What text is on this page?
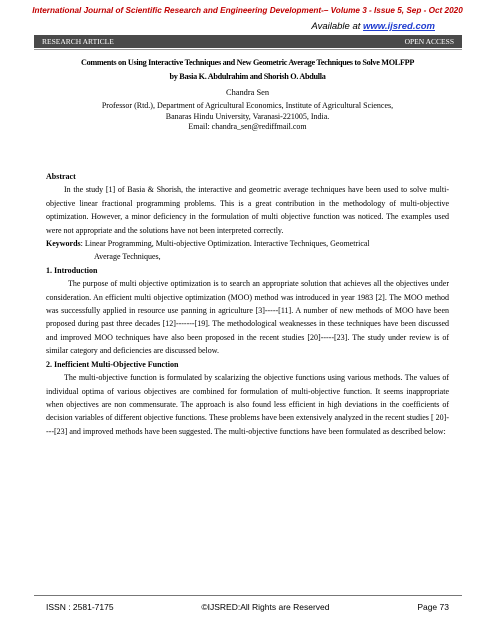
International Journal of Scientific Research and Engineering Development-– Volume 3 - Issue 5, Sep - Oct 2020
Available at www.ijsred.com
RESEARCH ARTICLE	OPEN ACCESS
Comments on Using Interactive Techniques and New Geometric Average Techniques to Solve MOLFPP
by Basia K. Abdulrahim and Shorish O. Abdulla
Chandra Sen
Professor (Rtd.), Department of Agricultural Economics, Institute of Agricultural Sciences,
Banaras Hindu University, Varanasi-221005, India.
Email: chandra_sen@rediffmail.com

Abstract

In the study [1] of Basia & Shorish, the interactive and geometric average techniques have been used to solve multi-objective linear fractional programming problems. This is a great contribution in the methodology of multi-objective optimization. However, a minor deficiency in the formulation of multi objective function was noticed. The examples used were not appropriate and the solutions have not been interpreted correctly.

Keywords: Linear Programming, Multi-objective Optimization. Interactive Techniques, Geometrical

Average Techniques,

1. Introduction

The purpose of multi objective optimization is to search an appropriate solution that achieves all the objectives under consideration. An efficient multi objective optimization (MOO) method was introduced in year 1983 [2]. The MOO method was successfully applied in resource use panning in agriculture [3]-----[11]. A number of new methods of MOO have been proposed during past three decades [12]-------[19]. The methodological weaknesses in these techniques have been discussed and improved MOO techniques have also been proposed in the recent studies [20]-----[23]. The study under review is of similar category and deficiencies are discussed below.

2. Inefficient Multi-Objective Function

The multi-objective function is formulated by scalarizing the objective functions using various methods. The values of individual optima of various objectives are combined for formulation of multi-objective function. It seems inappropriate when objectives are non commensurate. The approach is also found less efficient in high deviations in the coefficients of decision variables of different objective functions. These problems have been extensively analyzed in the recent studies [ 20]----[23] and improved methods have been suggested. The multi-objective functions have been formulated as described below:

ISSN : 2581-7175	©IJSRED:All Rights are Reserved	Page 73
